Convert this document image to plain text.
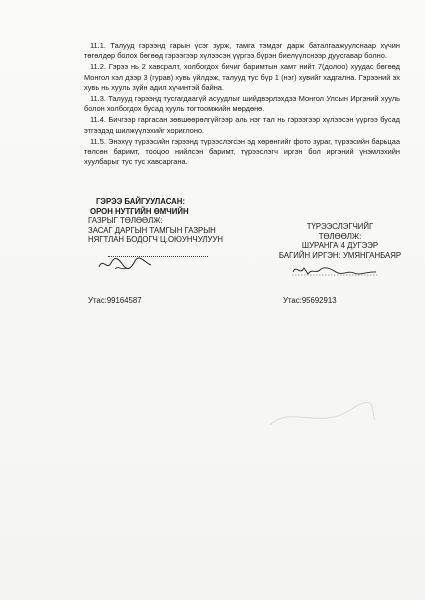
11.1. Талууд гэрээнд гарын үсэг зурж, тамга тэмдэг дарж баталгаажуулснаар хүчин төгөлдөр болох бөгөөд гэрээгээр хүлээсэн үүргээ бүрэн биелүүлснээр дуусгавар болно.

11.2. Гэрээ нь 2 хавсралт, холбогдох бичиг баримтын хамт нийт 7(долоо) хуудас бөгөөд Монгол хэл дээр 3 (гурав) хувь үйлдэж, талууд тус бүр 1 (нэг) хувийг хадгална. Гэрээний эх хувь нь хууль зүйн адил хүчинтэй байна.

11.3. Талууд гэрээнд тусгагдаагүй асуудлыг шийдвэрлэхдээ Монгол Улсын Иргэний хууль болон холбогдох бусад хууль тогтоомжийн мөрдөнө.

11.4. Бичгээр гаргасан зөвшөөрөлгүйгээр аль нэг тал нь гэрээгээр хүлээсэн үүргээ бусад этгээдэд шилжүүлэхийг хориглоно.

11.5. Энэхүү түрээсийн гэрээнд түрээслэгсэн эд хөрөнгийг фото зураг, түрээсийн барьцаа төлсөн баримт, тооцоо нийлсэн баримт, түрээслэгч иргэн бол иргэний үнэмлэхийн хуулбарыг тус тус хавсаргана.

ГЭРЭЭ БАЙГУУЛАСАН:
ОРОН НУТГИЙН ӨМЧИЙН
ГАЗРЫГ ТӨЛӨӨЛЖ:
ЗАСАГ ДАРГЫН ТАМГЫН ГАЗРЫН
НЯГТЛАН БОДОГЧ Ц.ОЮУНЧУЛУУН
Утас:99164587
ТҮРЭЭСЛЭГЧИЙГ
ТӨЛӨӨЛЖ:
ШУРАНГА 4 ДУГЭЭР
БАГИЙН ИРГЭН: УМЯНГАНБАЯР
Утас:95692913
